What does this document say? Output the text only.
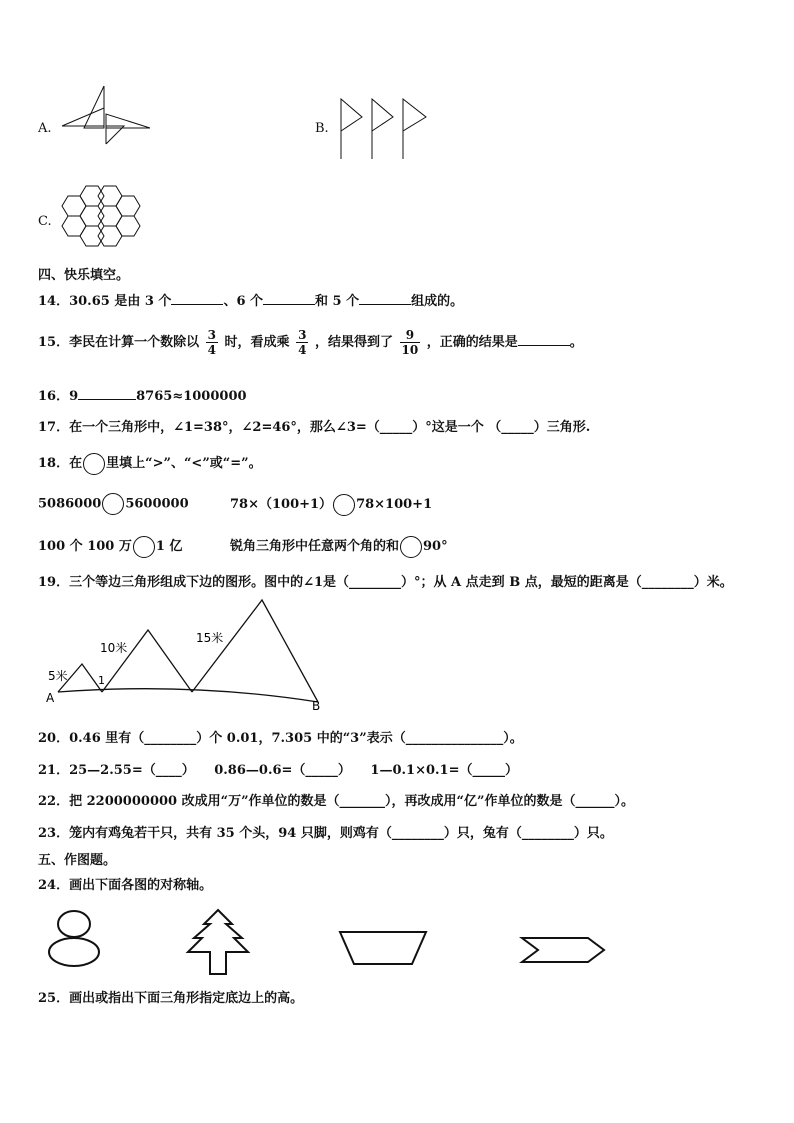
A.	B.
C.
四、快乐填空。
14．30.65 是由 3 个	、6 个	和 5 个	组成的。
15．李民在计算一个数除以 $\frac{3}{4}$ 时，看成乘 $\frac{3}{4}$ ，结果得到了 $\frac{9}{10}$ ，正确的结果是	。
16．9	8765≈1000000
17．在一个三角形中，∠1=38°，∠2=46°，那么∠3=（_____）°这是一个 （_____）三角形.
18．在 里填上“>”、“<”或“=”。
5086000 5600000	78×（100+1） 78×100+1
100 个 100 万 1 亿	锐角三角形中任意两个角的和 90°
19．三个等边三角形组成下边的图形。图中的∠1是（________）°；从 A 点走到 B 点，最短的距离是（________）米。
5米
10米
15米
1
A
B
20．0.46 里有（________）个 0.01，7.305 中的“3”表示（_______________）。
21．25—2.55=（____）　　0.86—0.6=（_____）　　1—0.1×0.1=（_____）
22．把 2200000000 改成用“万”作单位的数是（_______），再改成用“亿”作单位的数是（______）。
23．笼内有鸡兔若干只，共有 35 个头，94 只脚，则鸡有（________）只，兔有（________）只。
五、作图题。
24．画出下面各图的对称轴。
25．画出或指出下面三角形指定底边上的高。
